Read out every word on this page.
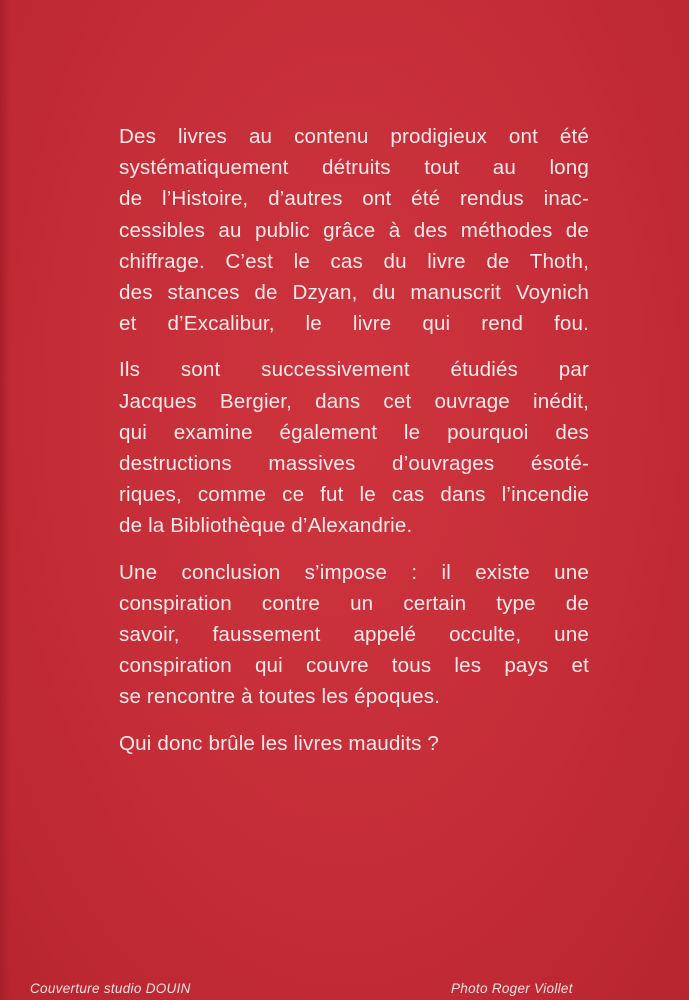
Des livres au contenu prodigieux ont été
systématiquement détruits tout au long
de l’Histoire, d’autres ont été rendus inac-
cessibles au public grâce à des méthodes de
chiffrage. C’est le cas du livre de Thoth,
des stances de Dzyan, du manuscrit Voynich
et d’Excalibur, le livre qui rend fou.

Ils sont successivement étudiés par
Jacques Bergier, dans cet ouvrage inédit,
qui examine également le pourquoi des
destructions massives d’ouvrages ésoté-
riques, comme ce fut le cas dans l’incendie
de la Bibliothèque d’Alexandrie.

Une conclusion s’impose : il existe une
conspiration contre un certain type de
savoir, faussement appelé occulte, une
conspiration qui couvre tous les pays et
se rencontre à toutes les époques.

Qui donc brûle les livres maudits ?

Couverture studio DOUIN	Photo Roger Viollet
